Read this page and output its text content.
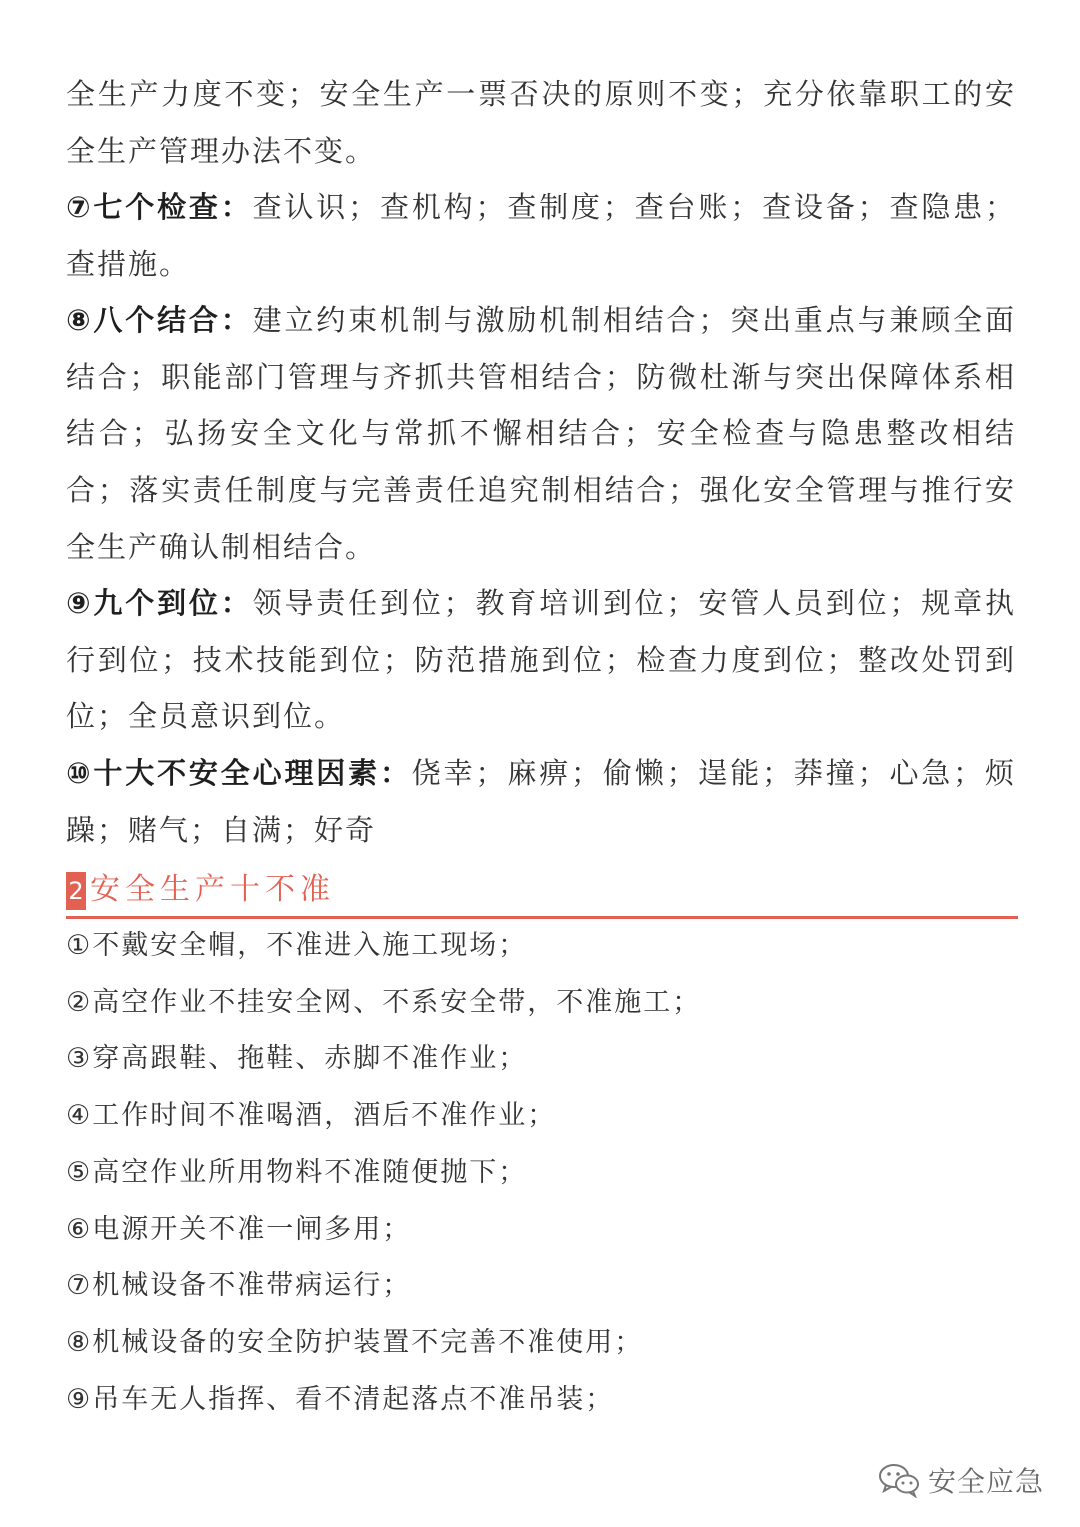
全生产力度不变；安全生产一票否决的原则不变；充分依靠职工的安全生产管理办法不变。

⑦七个检查：查认识；查机构；查制度；查台账；查设备；查隐患；查措施。

⑧八个结合：建立约束机制与激励机制相结合；突出重点与兼顾全面结合；职能部门管理与齐抓共管相结合；防微杜渐与突出保障体系相结合；弘扬安全文化与常抓不懈相结合；安全检查与隐患整改相结合；落实责任制度与完善责任追究制相结合；强化安全管理与推行安全生产确认制相结合。

⑨九个到位：领导责任到位；教育培训到位；安管人员到位；规章执行到位；技术技能到位；防范措施到位；检查力度到位；整改处罚到位；全员意识到位。

⑩十大不安全心理因素：侥幸；麻痹；偷懒；逞能；莽撞；心急；烦躁；赌气；自满；好奇

2 安全生产十不准
①不戴安全帽，不准进入施工现场；
②高空作业不挂安全网、不系安全带，不准施工；
③穿高跟鞋、拖鞋、赤脚不准作业；
④工作时间不准喝酒，酒后不准作业；
⑤高空作业所用物料不准随便抛下；
⑥电源开关不准一闸多用；
⑦机械设备不准带病运行；
⑧机械设备的安全防护装置不完善不准使用；
⑨吊车无人指挥、看不清起落点不准吊装；
安全应急
